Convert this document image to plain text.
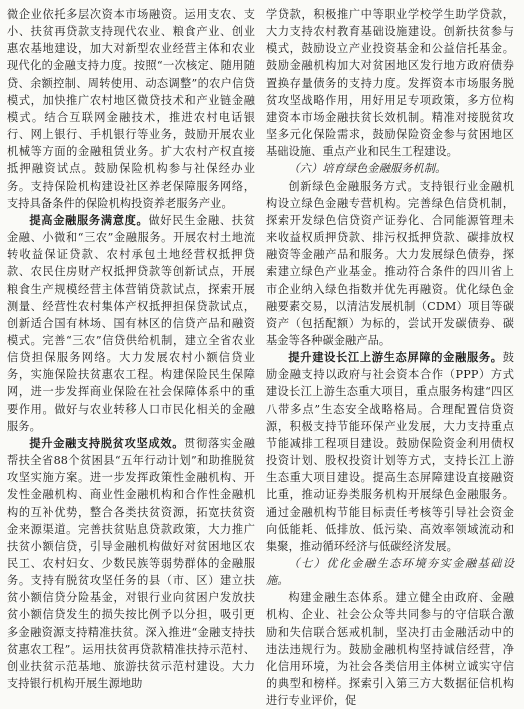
微企业依托多层次资本市场融资。运用支农、支小、扶贫再贷款支持现代农业、粮食产业、创业惠农基地建设，加大对新型农业经营主体和农业现代化的金融支持力度。按照“一次核定、随用随贷、余额控制、周转使用、动态调整”的农户信贷模式，加快推广农村地区微贷技术和产业链金融模式。结合互联网金融技术，推进农村电话银行、网上银行、手机银行等业务，鼓励开展农业机械等方面的金融租赁业务。扩大农村产权直接抵押融资试点。鼓励保险机构参与社保经办业务。支持保险机构建设社区养老保障服务网络，支持具备条件的保险机构投资养老服务产业。

提高金融服务满意度。做好民生金融、扶贫金融、小微和“三农”金融服务。开展农村土地流转收益保证贷款、农村承包土地经营权抵押贷款、农民住房财产权抵押贷款等创新试点，开展粮食生产规模经营主体营销贷款试点，探索开展测量、经营性农村集体产权抵押担保贷款试点，创新适合国有林场、国有林区的信贷产品和融资模式。完善“三农”信贷供给机制，建立全省农业信贷担保服务网络。大力发展农村小额信贷业务，实施保险扶贫惠农工程。构建保险民生保障网，进一步发挥商业保险在社会保障体系中的重要作用。做好与农业转移人口市民化相关的金融服务。

提升金融支持脱贫攻坚成效。贯彻落实金融帮扶全省88个贫困县“五年行动计划”和助推脱贫攻坚实施方案。进一步发挥政策性金融机构、开发性金融机构、商业性金融机构和合作性金融机构的互补优势，整合各类扶贫资源，拓宽扶贫资金来源渠道。完善扶贫贴息贷款政策，大力推广扶贫小额信贷，引导金融机构做好对贫困地区农民工、农村妇女、少数民族等弱势群体的金融服务。支持有脱贫攻坚任务的县（市、区）建立扶贫小额信贷分险基金，对银行业向贫困户发放扶贫小额信贷发生的损失按比例予以分担，吸引更多金融资源支持精准扶贫。深入推进“金融支持扶贫惠农工程”。运用扶贫再贷款精准扶持示范村、创业扶贫示范基地、旅游扶贫示范村建设。大力支持银行机构开展生源地助

学贷款，积极推广中等职业学校学生助学贷款，大力支持农村教育基础设施建设。创新扶贫参与模式，鼓励设立产业投资基金和公益信托基金。鼓励金融机构加大对贫困地区发行地方政府债券置换存量债务的支持力度。发挥资本市场服务脱贫攻坚战略作用，用好用足专项政策，多方位构建资本市场金融扶贫长效机制。精准对接脱贫攻坚多元化保险需求，鼓励保险资金参与贫困地区基础设施、重点产业和民生工程建设。

（六）培育绿色金融服务机制。

创新绿色金融服务方式。支持银行业金融机构设立绿色金融专营机构。完善绿色信贷机制，探索开发绿色信贷资产证券化、合同能源管理未来收益权质押贷款、排污权抵押贷款、碳排放权融资等金融产品和服务。大力发展绿色债券，探索建立绿色产业基金。推动符合条件的四川省上市企业纳入绿色指数并优先再融资。优化绿色金融要素交易，以清洁发展机制（CDM）项目等碳资产（包括配额）为标的，尝试开发碳债券、碳基金等各种碳金融产品。

提升建设长江上游生态屏障的金融服务。鼓励金融支持以政府与社会资本合作（PPP）方式建设长江上游生态重大项目，重点服务构建“四区八带多点”生态安全战略格局。合理配置信贷资源，积极支持节能环保产业发展，大力支持重点节能减排工程项目建设。鼓励保险资金利用债权投资计划、股权投资计划等方式，支持长江上游生态重大项目建设。提高生态屏障建设直接融资比重，推动证券类服务机构开展绿色金融服务。通过金融机构节能目标责任考核等引导社会资金向低能耗、低排放、低污染、高效率领域流动和集聚，推动循环经济与低碳经济发展。

（七）优化金融生态环境夯实金融基础设施。

构建金融生态体系。建立健全由政府、金融机构、企业、社会公众等共同参与的守信联合激励和失信联合惩戒机制，坚决打击金融活动中的违法违规行为。鼓励金融机构坚持诚信经营，净化信用环境，为社会各类信用主体树立诚实守信的典型和榜样。探索引入第三方大数据征信机构进行专业评价，促
